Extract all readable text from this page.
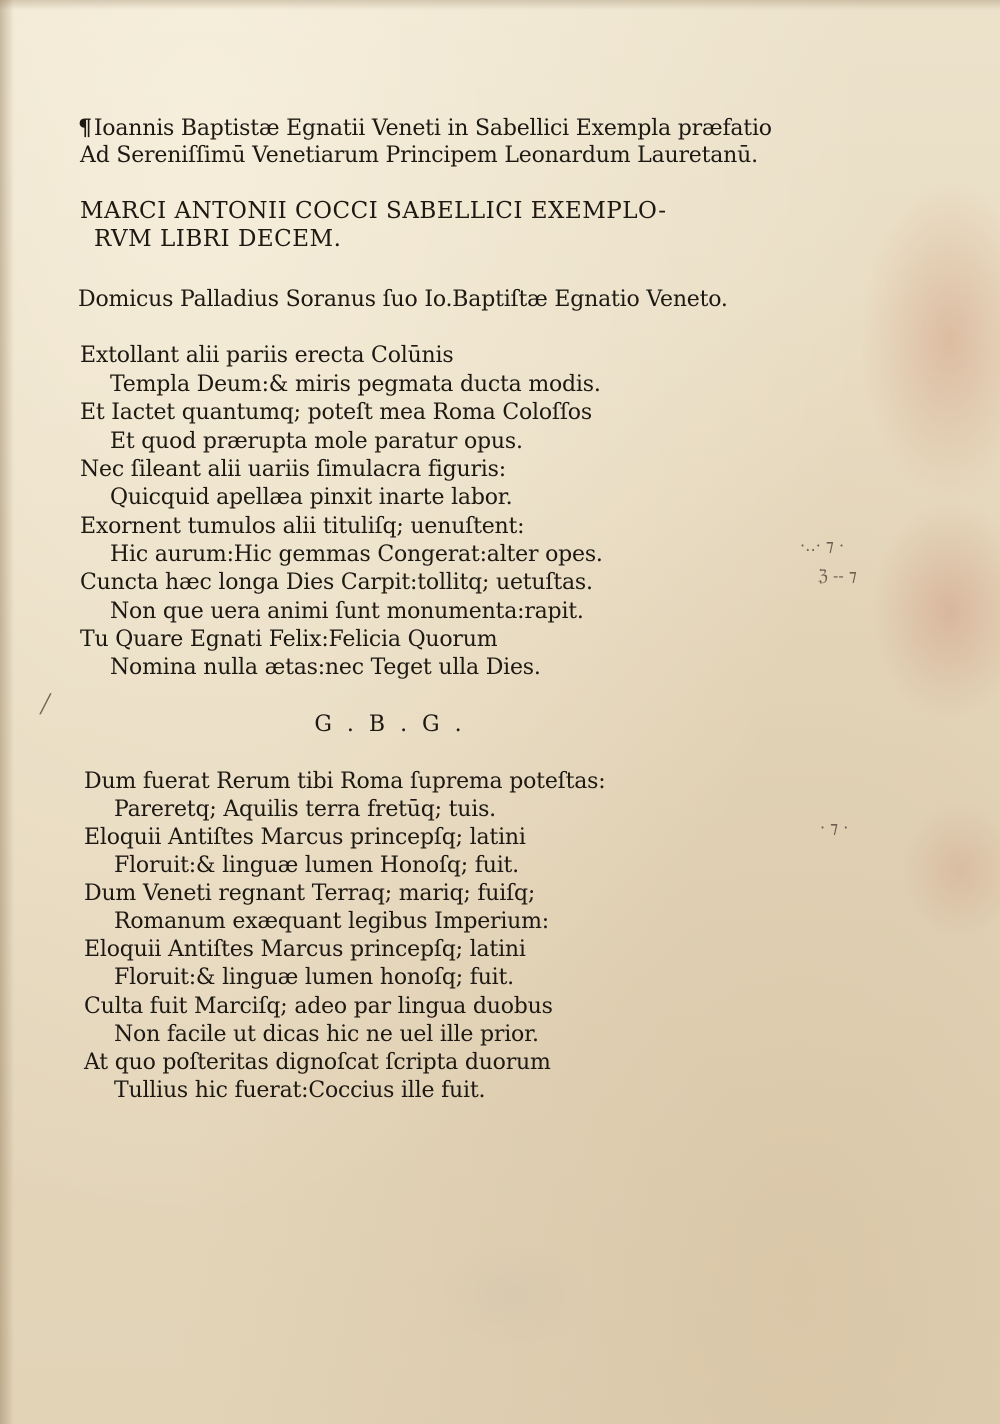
¶Ioannis Baptistæ Egnatii Veneti in Sabellici Exempla præfatio
Ad Sereniſſimū Venetiarum Principem Leonardum Lauretanū.
MARCI ANTONII COCCI SABELLICI EXEMPLO-
RVM LIBRI DECEM.
Domicus Palladius Soranus ſuo Io.Baptiſtæ Egnatio Veneto.
Extollant alii pariis erecta Colūnis
Templa Deum:& miris pegmata ducta modis.
Et Iactet quantumq; poteſt mea Roma Coloſſos
Et quod prærupta mole paratur opus.
Nec ſileant alii uariis ſimulacra figuris:
Quicquid apellæa pinxit inarte labor.
Exornent tumulos alii tituliſq; uenuſtent:
Hic aurum:Hic gemmas Congerat:alter opes.
Cuncta hæc longa Dies Carpit:tollitq; uetuſtas.
Non que uera animi ſunt monumenta:rapit.
Tu Quare Egnati Felix:Felicia Quorum
Nomina nulla ætas:nec Teget ulla Dies.
G . B . G .
Dum fuerat Rerum tibi Roma ſuprema poteſtas:
Pareretq; Aquilis terra fretūq; tuis.
Eloquii Antiſtes Marcus princepſq; latini
Floruit:& linguæ lumen Honoſq; fuit.
Dum Veneti regnant Terraq; mariq; fuiſq;
Romanum exæquant legibus Imperium:
Eloquii Antiſtes Marcus princepſq; latini
Floruit:& linguæ lumen honoſq; fuit.
Culta fuit Marciſq; adeo par lingua duobus
Non facile ut dicas hic ne uel ille prior.
At quo poſteritas dignoſcat ſcripta duorum
Tullius hic fuerat:Coccius ille fuit.
╱
·‥· ⁊ ·
ℨ -- ⁊
· ⁊ ·
